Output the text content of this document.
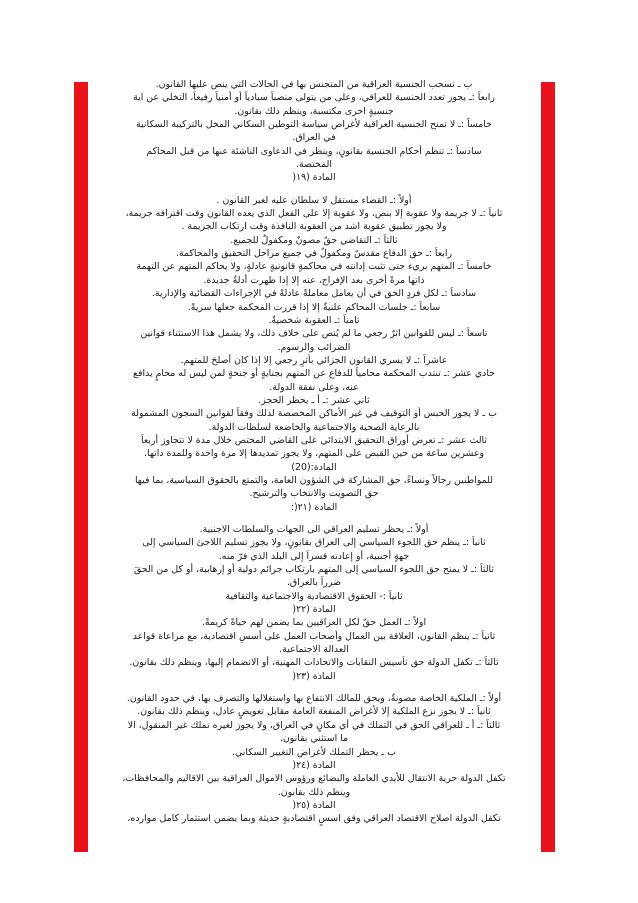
ب ـ تسحب الجنسية العراقية من المتجنس بها في الحالات التي ينص عليها القانون.
رابعاً :ـ يجوز تعدد الجنسية للعراقي، وعلى من يتولى منصباً سيادياً أو أمنياً رفيعاً، التخلي عن اية
جنسيةٍ اخرى مكتسبة، وينظم ذلك بقانون.
خامساًَ :ـ لا تمنح الجنسية العراقية لأغراض سياسة التوطين السكاني المخل بالتركيبة السكانية
في العراق.
سادساً :ـ تنظم أحكام الجنسية بقانونٍ، وينظر في الدعاوى الناشئة عنها من قبل المحاكم
المختصة.
المادة (١٩(
أولاً :ـ القضاء مستقل لا سلطان عليه لغير القانون .
ثانياً :ـ لا جريمة ولا عقوبة إلا بنص، ولا عقوبة إلا على الفعل الذي يعده القانون وقت اقترافه جريمة،
ولا يجوز تطبيق عقوبة اشد من العقوبة النافذة وقت ارتكاب الجريمة .
ثالثاً :ـ التقاضي حقٌ مصونٌ ومكفولٌ للجميع.
رابعاً :ـ حق الدفاع مقدسٌ ومكفولٌ في جميع مراحل التحقيق والمحاكمة.
خامساً :ـ المتهم بريء حتى تثبت إدانته في محاكمةٍ قانونيةٍ عادلةٍ، ولا يحاكم المتهم عن التهمة
ذاتها مرةً أخرى بعد الإفراج، عنه إلا إذا ظهرت أدلةٌ جديدة.
سادساً :ـ لكل فردٍ الحق في أن يعامل معاملةً عادلةً في الإجراءات القضائية والإدارية.
سابعاً :ـ جلسات المحاكم علنيةٌ إلا إذا قررت المحكمة جعلها سريةً.
ثامناً :ـ العقوبة شخصيةٌ.
تاسعاً :ـ ليس للقوانين اثرٌ رجعي ما لم يُنص على خلاف ذلك، ولا يشمل هذا الاستثناء قوانين
الضرائب والرسوم.
عاشراً :ـ لا يسري القانون الجزائي بأثرٍ رجعي إلا إذا كان أصلحَ للمتهم.
حادي عشر :ـ تنتدب المحكمة محامياً للدفاع عن المتهم بجنايةٍ أو جنحةٍ لمن ليس له محامٍ يدافع
عنه، وعلى نفقة الدولة.
ثاني عشر :ـ أ ـ يحظر الحجز.
ب ـ لا يجوز الحبس أو التوقيف في غير الأماكن المخصصة لذلك وفقاً لقوانين السجون المشمولة
بالرعاية الصحية والاجتماعية والخاضعة لسلطات الدولة.
ثالث عشر :ـ تعرض أوراق التحقيق الابتدائي على القاضي المختص خلال مدة لا تتجاوز أربعاً
وعشرين ساعة من حين القبض على المتهم، ولا يجوز تمديدها إلا مرة واحدة وللمدة ذاتها.
المادة:(20)
للمواطنين رجالاً ونساءً، حق المشاركة في الشؤون العامة، والتمتع بالحقوق السياسية، بما فيها
حق التصويت والانتخاب والترشيح.
المادة (٢١(:
أولاً :ـ يحظر تسليم العراقي الى الجهات والسلطات الاجنبية.
ثانياً :ـ ينظم حق اللجوء السياسي إلى العراق بقانونٍ، ولا يجوز تسليم اللاجئ السياسي إلى
جهةٍ أجنبية، أو إعادته قسراً إلى البلد الذي فرّ منه.
ثالثاً :ـ لا يمنح حق اللجوء السياسي إلى المتهم بارتكاب جرائم دولية أو إرهابية، أو كل من الحقَ
ضرراً بالعراق.
ثانياً :- الحقوق الاقتصادية والاجتماعية والثقافية
المادة (٢٢(
اولاً :ـ العمل حقٌ لكل العراقيين بما يضمن لهم حياةً كريمةً.
ثانياً :ـ ينظم القانون، العلاقة بين العمال وأصحاب العمل على أسسٍ اقتصادية، مع مراعاة قواعد
العدالة الاجتماعية.
ثالثاً :ـ تكفل الدولة حق تأسيس النقابات والاتحادات المهنية، أو الانضمام إليها، وينظم ذلك بقانون.
المادة (٢٣(
أولاً :ـ الملكية الخاصة مصونةٌ، ويحق للمالك الانتفاع بها واستغلالها والتصرف بها، في حدود القانون.
ثانياً :ـ لا يجوز نزع الملكية إلا لأغراض المنفعة العامة مقابل تعويضٍ عادل، وينظم ذلك بقانون.
ثالثاً :ـ أ ـ للعراقي الحق في التملك في أي مكانٍ في العراق، ولا يجوز لغيره تملك غير المنقول، الا
ما استثني بقانون.
ب ـ يحظر التملك لأغراض التغيير السكاني.
المادة (٢٤(
تكفل الدولة حرية الانتقال للأيدي العاملة والبضائع ورؤوس الاموال العراقية بين الاقاليم والمحافظات،
وينظم ذلك بقانون.
المادة (٢٥(
تكفل الدولة اصلاح الاقتصاد العراقي وفق اسسٍ اقتصاديةٍ حديثة وبما يضمن استثمار كامل موارده،
